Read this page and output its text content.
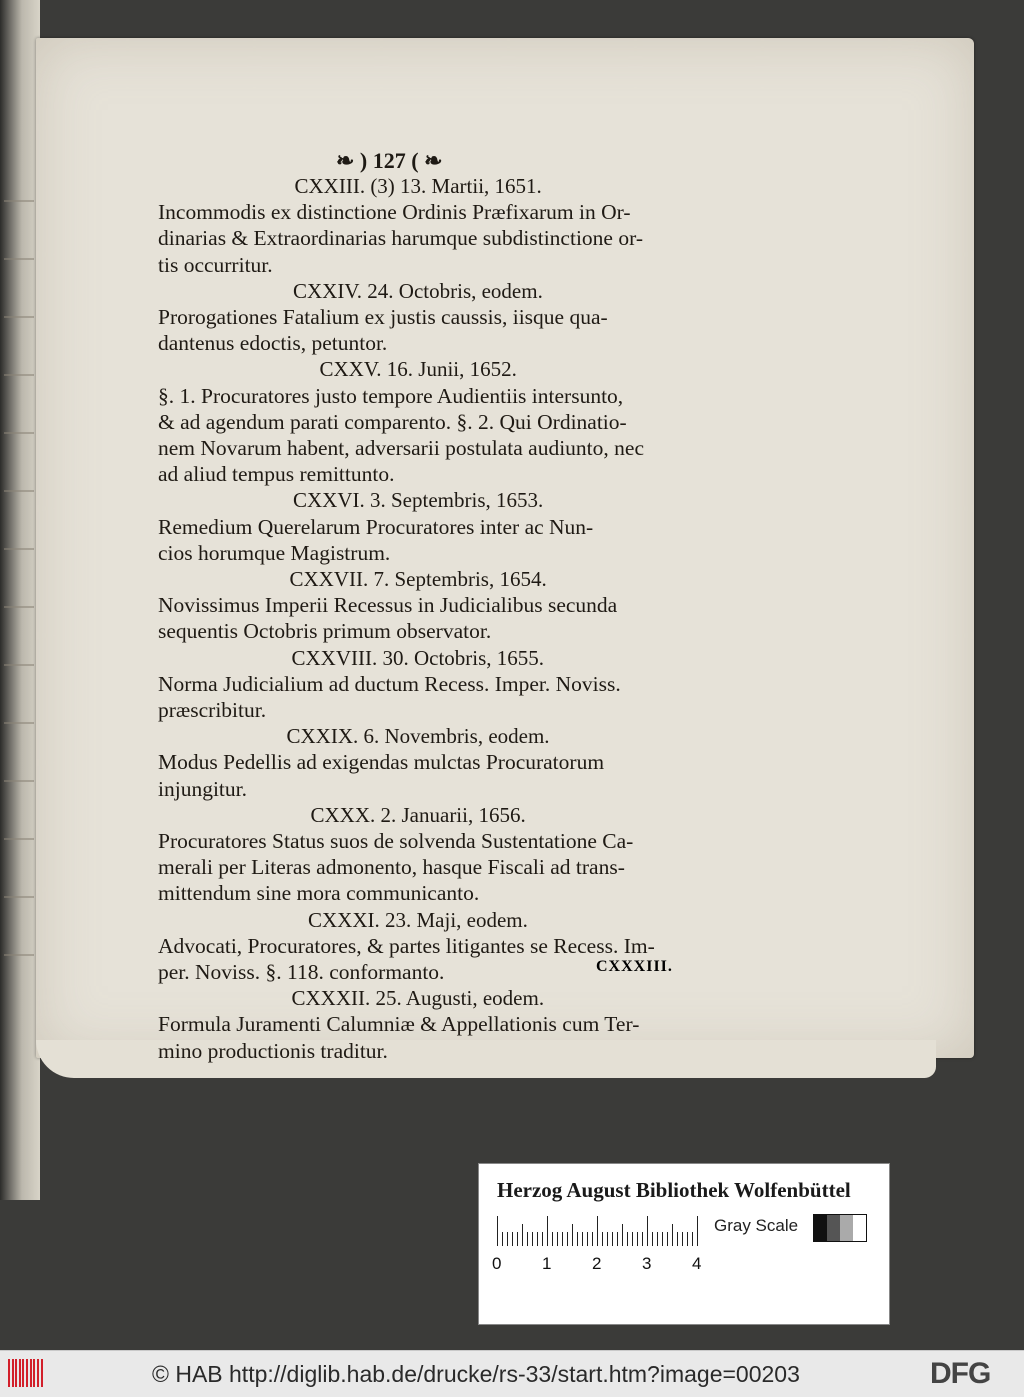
❧ ) 127 ( ❧
CXXIII. (3) 13. Martii, 1651.
Incommodis ex distinctione Ordinis Præfixarum in Or-
dinarias & Extraordinarias harumque subdistinctione or-
tis occurritur.
CXXIV. 24. Octobris, eodem.
Prorogationes Fatalium ex justis caussis, iisque qua-
dantenus edoctis, petuntor.
CXXV. 16. Junii, 1652.
§. 1. Procuratores justo tempore Audientiis intersunto,
& ad agendum parati comparento. §. 2. Qui Ordinatio-
nem Novarum habent, adversarii postulata audiunto, nec
ad aliud tempus remittunto.
CXXVI. 3. Septembris, 1653.
Remedium Querelarum Procuratores inter ac Nun-
cios horumque Magistrum.
CXXVII. 7. Septembris, 1654.
Novissimus Imperii Recessus in Judicialibus secunda
sequentis Octobris primum observator.
CXXVIII. 30. Octobris, 1655.
Norma Judicialium ad ductum Recess. Imper. Noviss.
præscribitur.
CXXIX. 6. Novembris, eodem.
Modus Pedellis ad exigendas mulctas Procuratorum
injungitur.
CXXX. 2. Januarii, 1656.
Procuratores Status suos de solvenda Sustentatione Ca-
merali per Literas admonento, hasque Fiscali ad trans-
mittendum sine mora communicanto.
CXXXI. 23. Maji, eodem.
Advocati, Procuratores, & partes litigantes se Recess. Im-
per. Noviss. §. 118. conformanto.
CXXXII. 25. Augusti, eodem.
Formula Juramenti Calumniæ & Appellationis cum Ter-
mino productionis traditur.
CXXXIII.
Herzog August Bibliothek Wolfenbüttel
0 1 2 3 4
Gray Scale
© HAB http://diglib.hab.de/drucke/rs-33/start.htm?image=00203	DFG
